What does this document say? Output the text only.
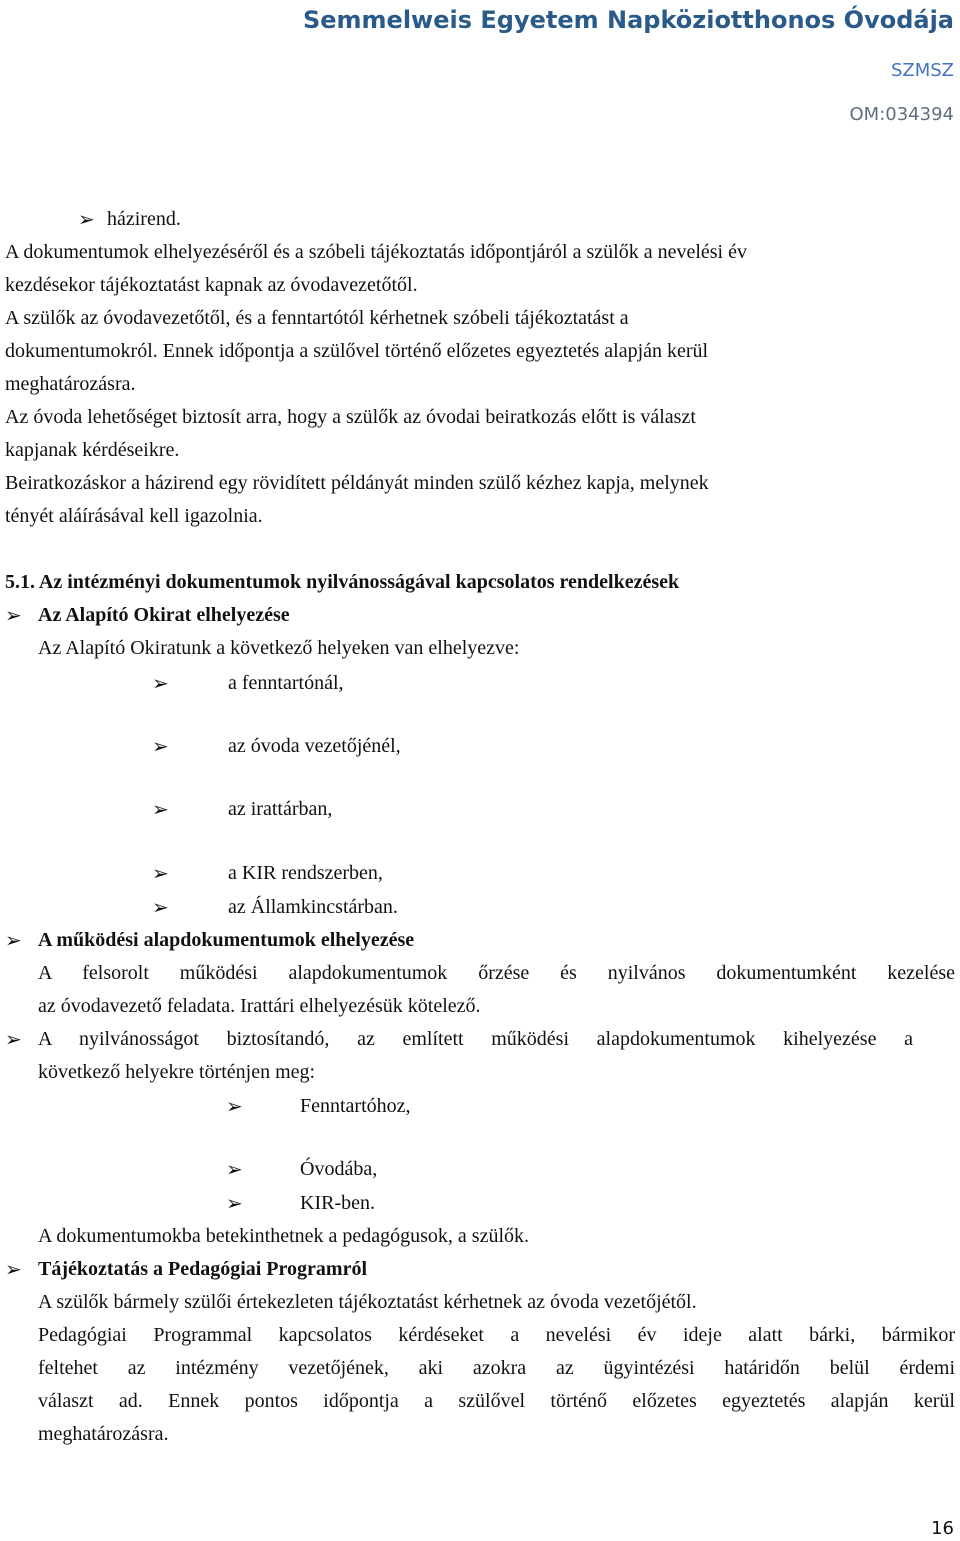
Semmelweis Egyetem Napköziotthonos Óvodája
SZMSZ
OM:034394
➢ házirend.
A dokumentumok elhelyezéséről és a szóbeli tájékoztatás időpontjáról a szülők a nevelési év
kezdésekor tájékoztatást kapnak az óvodavezetőtől.
A szülők az óvodavezetőtől, és a fenntartótól kérhetnek szóbeli tájékoztatást a
dokumentumokról. Ennek időpontja a szülővel történő előzetes egyeztetés alapján kerül
meghatározásra.
Az óvoda lehetőséget biztosít arra, hogy a szülők az óvodai beiratkozás előtt is választ
kapjanak kérdéseikre.
Beiratkozáskor a házirend egy rövidített példányát minden szülő kézhez kapja, melynek
tényét aláírásával kell igazolnia.
5.1. Az intézményi dokumentumok nyilvánosságával kapcsolatos rendelkezések
➢ Az Alapító Okirat elhelyezése
Az Alapító Okiratunk a következő helyeken van elhelyezve:
➢	a fenntartónál,
➢	az óvoda vezetőjénél,
➢	az irattárban,
➢	a KIR rendszerben,
➢	az Államkincstárban.
➢ A működési alapdokumentumok elhelyezése
A felsorolt működési alapdokumentumok őrzése és nyilvános dokumentumként kezelése
az óvodavezető feladata. Irattári elhelyezésük kötelező.
➢ A nyilvánosságot biztosítandó, az említett működési alapdokumentumok kihelyezése a
következő helyekre történjen meg:
➢	Fenntartóhoz,
➢	Óvodába,
➢	KIR-ben.
A dokumentumokba betekinthetnek a pedagógusok, a szülők.
➢ Tájékoztatás a Pedagógiai Programról
A szülők bármely szülői értekezleten tájékoztatást kérhetnek az óvoda vezetőjétől.
Pedagógiai Programmal kapcsolatos kérdéseket a nevelési év ideje alatt bárki, bármikor
feltehet az intézmény vezetőjének, aki azokra az ügyintézési határidőn belül érdemi
választ ad. Ennek pontos időpontja a szülővel történő előzetes egyeztetés alapján kerül
meghatározásra.
16
